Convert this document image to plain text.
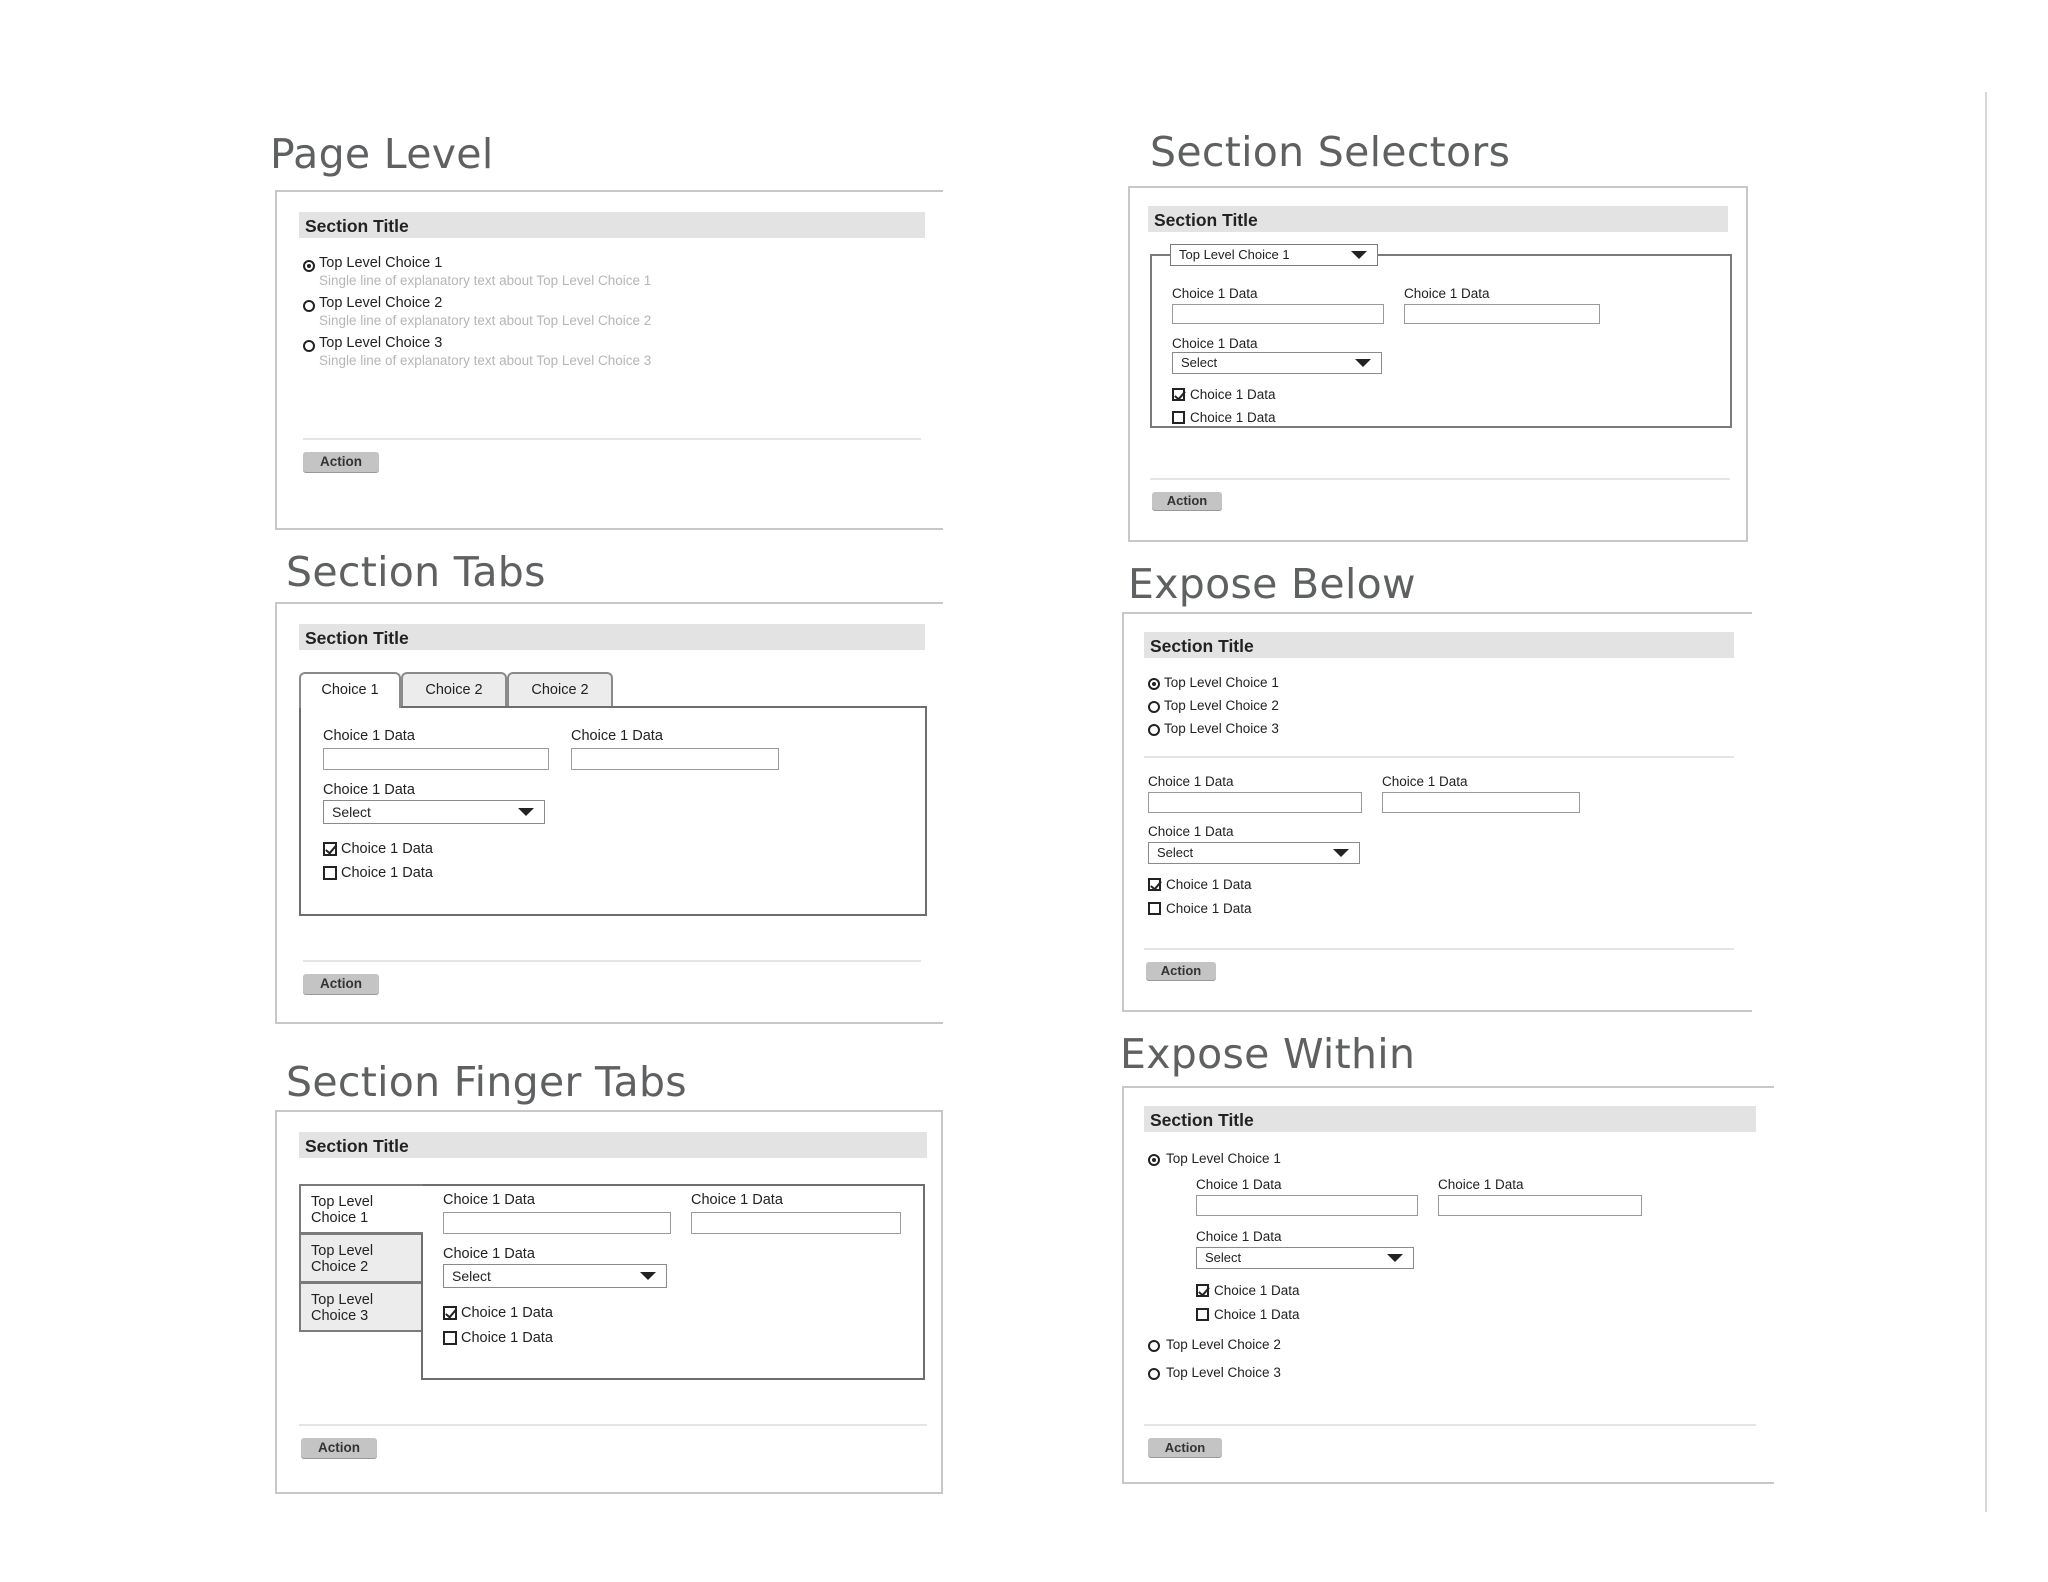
Page Level
Section Title
Top Level Choice 1
Single line of explanatory text about Top Level Choice 1
Top Level Choice 2
Single line of explanatory text about Top Level Choice 2
Top Level Choice 3
Single line of explanatory text about Top Level Choice 3
Action
Section Tabs
Section Title
Choice 1	Choice 2	Choice 2
Choice 1 Data	Choice 1 Data
Choice 1 Data
Select
Choice 1 Data
Choice 1 Data
Action
Section Finger Tabs
Section Title
Top Level Choice 1
Top Level Choice 2
Top Level Choice 3
Choice 1 Data	Choice 1 Data
Choice 1 Data
Select
Choice 1 Data
Choice 1 Data
Action
Section Selectors
Section Title
Choice 1 Data	Choice 1 Data
Choice 1 Data
Select
Choice 1 Data
Choice 1 Data
Top Level Choice 1
Action
Expose Below
Section Title
Top Level Choice 1
Top Level Choice 2
Top Level Choice 3
Choice 1 Data	Choice 1 Data
Choice 1 Data
Select
Choice 1 Data
Choice 1 Data
Action
Expose Within
Section Title
Top Level Choice 1
Choice 1 Data	Choice 1 Data
Choice 1 Data
Select
Choice 1 Data
Choice 1 Data
Top Level Choice 2
Top Level Choice 3
Action
